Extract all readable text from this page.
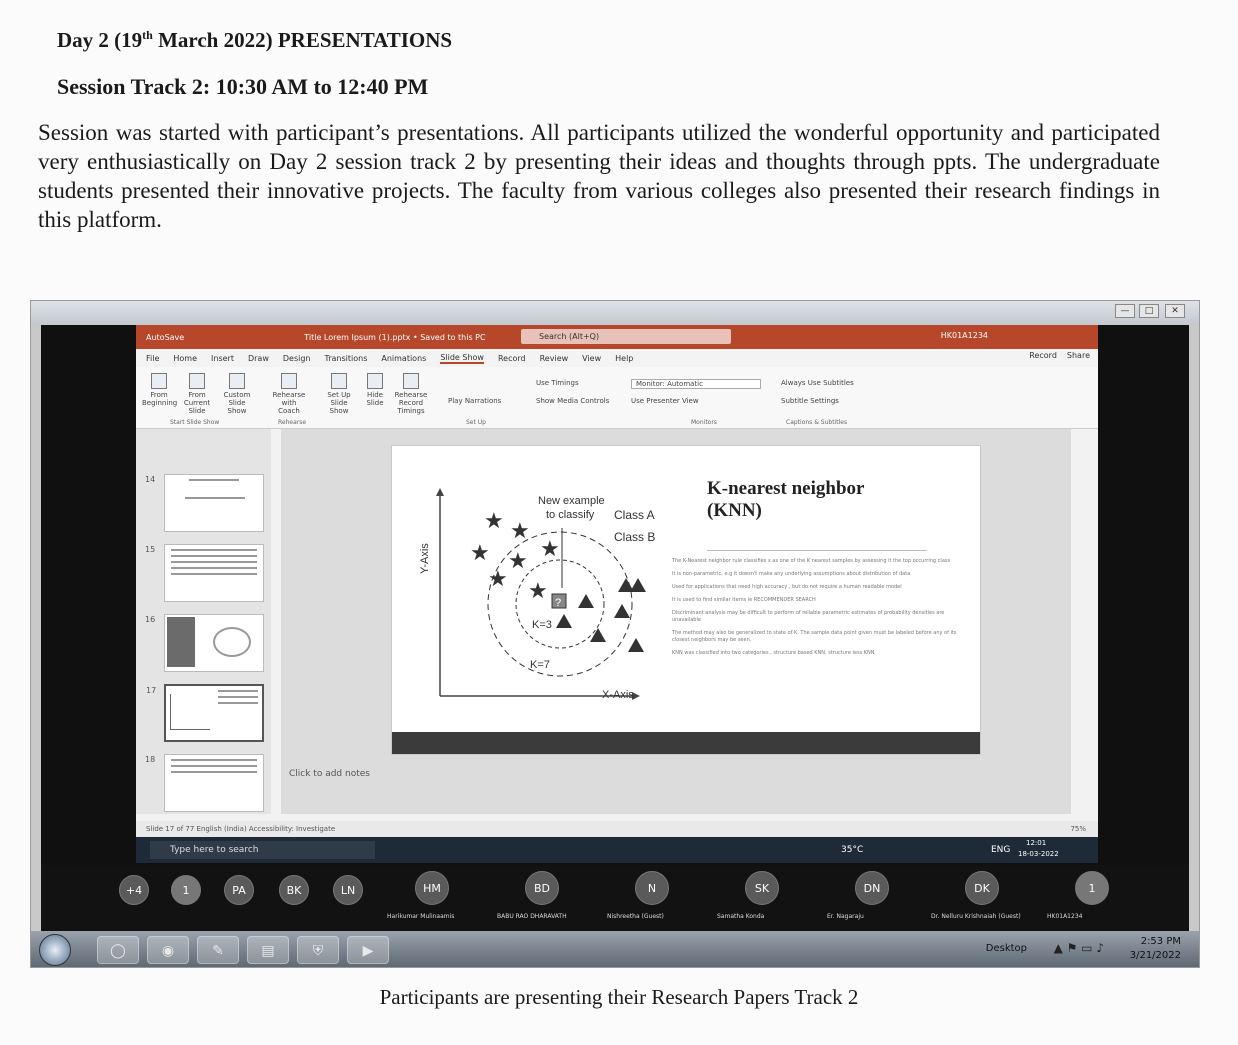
Day 2 (19th March 2022) PRESENTATIONS
Session Track 2: 10:30 AM to 12:40 PM
Session was started with participant’s presentations. All participants utilized the wonderful opportunity and participated very enthusiastically on Day 2 session track 2 by presenting their ideas and thoughts through ppts. The undergraduate students presented their innovative projects. The faculty from various colleges also presented their research findings in this platform.
—	□	✕
AutoSave	Title Lorem Ipsum (1).pptx • Saved to this PC	Search (Alt+Q)	HK01A1234
File Home Insert Draw Design Transitions Animations Slide Show Record Review View Help	Record Share
From Beginning
From Current Slide
Custom Slide Show
Rehearse with Coach
Set Up Slide Show
Hide Slide
Rehearse Record Timings
Play Narrations
Use Timings
Show Media Controls
Monitor: Automatic
Use Presenter View
Always Use Subtitles
Subtitle Settings
Start Slide Show	Rehearse	Set Up	Monitors	Captions & Subtitles
14
15
16
17
18
?
★ ★
★ ★ ★
★ ★
K=3
K=7
New example
to classify
X-Axis
Y-Axis
Class A
Class B
K-nearest neighbor
(KNN)
The K-Nearest neighbor rule classifies x as one of the K nearest samples by assessing it the top occurring class
It is non-parametric, e.g it doesn't make any underlying assumptions about distribution of data
Used for applications that need high accuracy , but do not require a human readable model
It is used to find similar items ie RECOMMENDER SEARCH
Discriminant analysis may be difficult to perform of reliable parametric estimates of probability densities are unavailable
The method may also be generalized to state of K. The sample data point given must be labeled before any of its closest neighbors may be seen.
KNN was classified into two categories , structure based KNN, structure less KNN
Click to add notes
Slide 17 of 77 English (India) Accessibility: Investigate	75%
Type here to search	35°C	ENG
12:01
18-03-2022
+4	1	PA	BK	LN	HM	BD	N	SK	DN	DK	1
Harikumar Mulinaamis	BABU RAO DHARAVATH	Nishreetha (Guest)	Samatha Konda	Er. Nagaraju	Dr. Nelluru Krishnaiah (Guest)	HK01A1234
◯	◉	✎	▤	⛨	▶	Desktop ▲ ⚑ ▭ ♪	2:53 PM
3/21/2022
Participants are presenting their Research Papers Track 2
